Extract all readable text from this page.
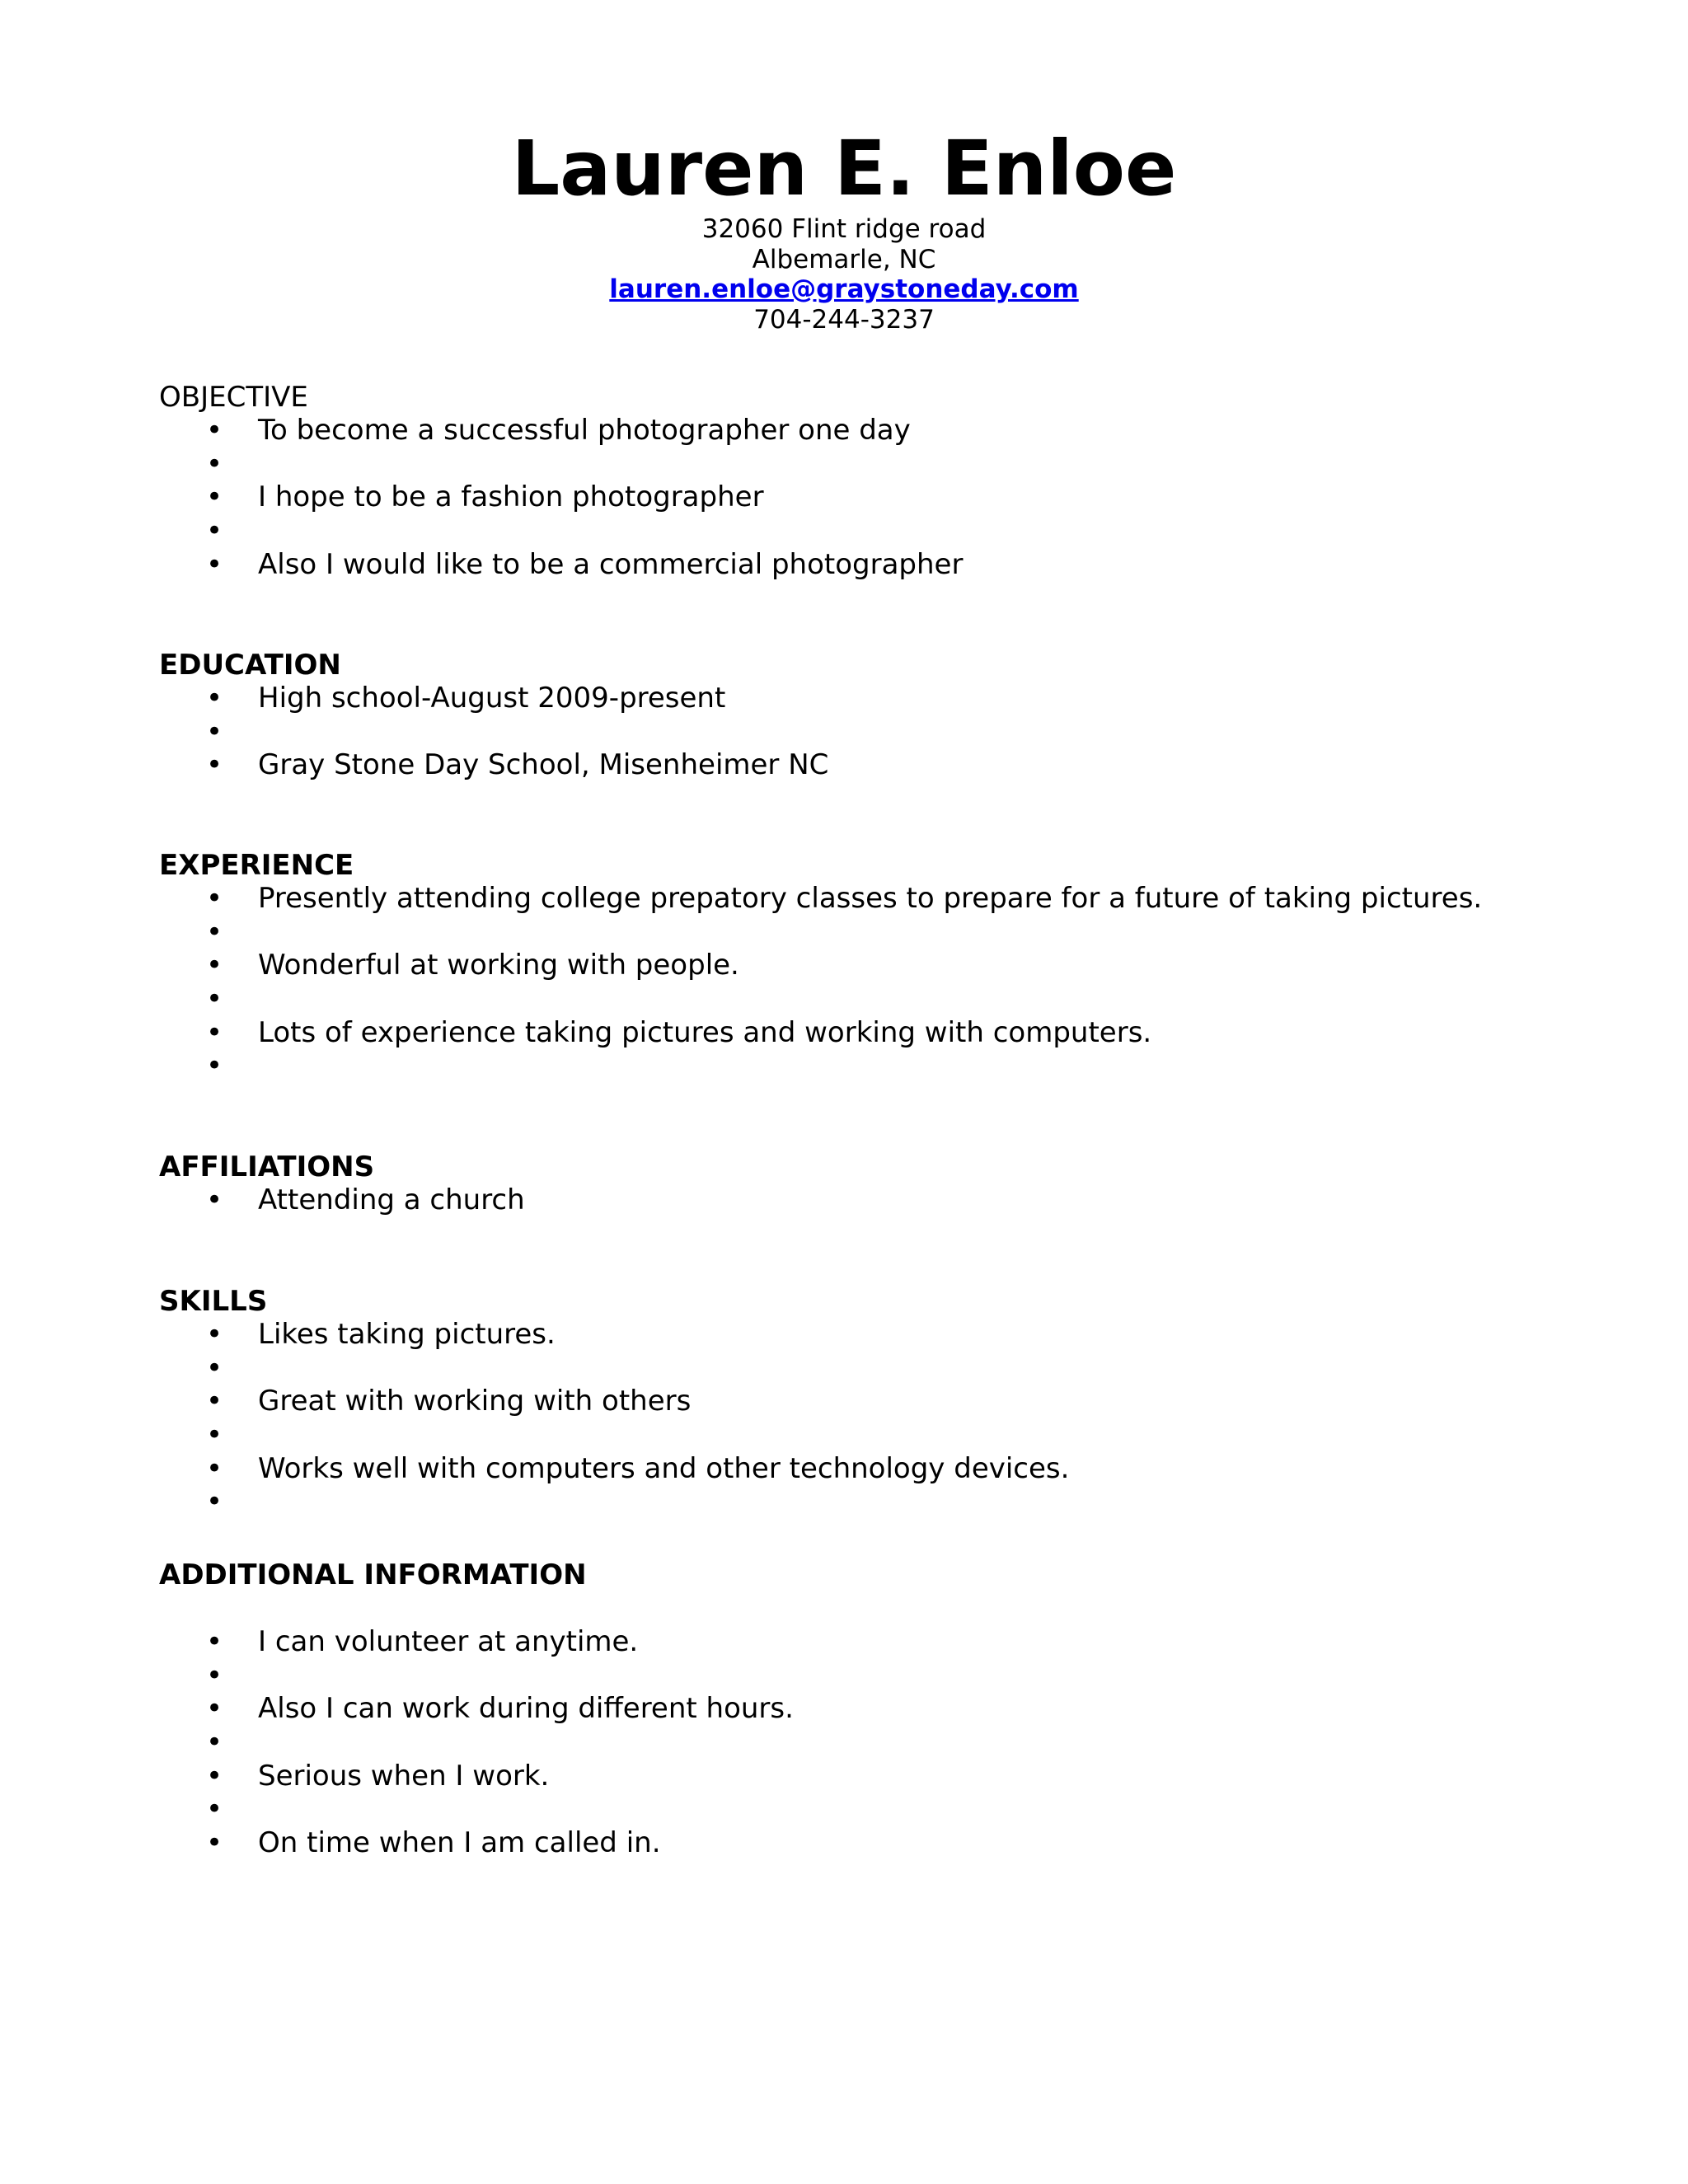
Lauren E. Enloe

32060 Flint ridge road

Albemarle, NC

lauren.enloe@graystoneday.com

704-244-3237

OBJECTIVE

• To become a successful photographer one day
•
• I hope to be a fashion photographer
•
• Also I would like to be a commercial photographer

EDUCATION

• High school-August 2009-present
•
• Gray Stone Day School, Misenheimer NC

EXPERIENCE

• Presently attending college prepatory classes to prepare for a future of taking pictures.
•
• Wonderful at working with people.
•
• Lots of experience taking pictures and working with computers.
•

AFFILIATIONS

• Attending a church

SKILLS

• Likes taking pictures.
•
• Great with working with others
•
• Works well with computers and other technology devices.
•

ADDITIONAL INFORMATION

• I can volunteer at anytime.
•
• Also I can work during different hours.
•
• Serious when I work.
•
• On time when I am called in.
